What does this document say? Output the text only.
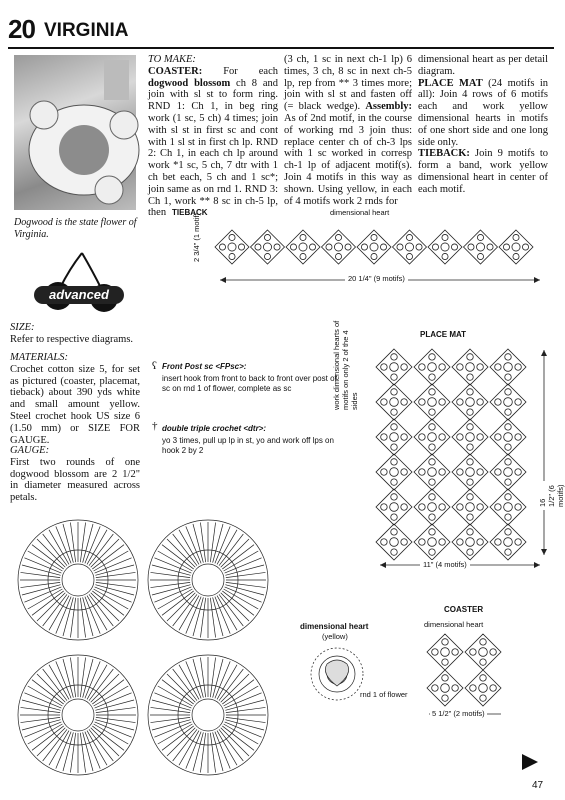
20 VIRGINIA
Dogwood is the state flower of Virginia.
advanced

SIZE:

Refer to respective diagrams.

MATERIALS:

Crochet cotton size 5, for set as pictured (coaster, placemat, tieback) about 390 yds white and small amount yellow. Steel crochet hook US size 6 (1.50 mm) or SIZE FOR GAUGE.

GAUGE:

First two rounds of one dogwood blossom are 2 1/2" in diameter measured across petals.

TO MAKE:

COASTER: For each dogwood blossom ch 8 and join with sl st to form ring. RND 1: Ch 1, in beg ring work (1 sc, 5 ch) 4 times; join with sl st in first sc and cont with 1 sl st in first ch lp. RND 2: Ch 1, in each ch lp around work *1 sc, 5 ch, 7 dtr with 1 ch bet each, 5 ch and 1 sc*; join same as on rnd 1. RND 3: Ch 1, work ** 8 sc in ch-5 lp, then

(3 ch, 1 sc in next ch-1 lp) 6 times, 3 ch, 8 sc in next ch-5 lp, rep from ** 3 times more; join with sl st and fasten off (= black wedge). Assembly: As of 2nd motif, in the course of working rnd 3 join thus: replace center ch of ch-3 lps with 1 sc worked in corresp ch-1 lp of adjacent motif(s). Join 4 motifs in this way as shown. Using yellow, in each of 4 motifs work 2 rnds for

dimensional heart as per detail diagram.

PLACE MAT (24 motifs in all): Join 4 rows of 6 motifs each and work yellow dimensional hearts in motifs of one short side and one long side only.

TIEBACK: Join 9 motifs to form a band, work yellow dimensional heart in center of each motif.

TIEBACK	dimensional heart
2 3/4" (1 motif)
20 1/4" (9 motifs)
Front Post sc <FPsc>:
insert hook from front to back to front over post of sc on rnd 1 of flower, complete as sc
double triple crochet <dtr>:
yo 3 times, pull up lp in st, yo and work off lps on hook 2 by 2
ʕ
†
PLACE MAT
work dimensional hearts of motifs on only 2 of the 4 sides
11" (4 motifs)
16 1/2" (6 motifs)
dimensional heart
(yellow)
rnd 1 of flower
COASTER
dimensional heart
5 1/2" (2 motifs)
47
